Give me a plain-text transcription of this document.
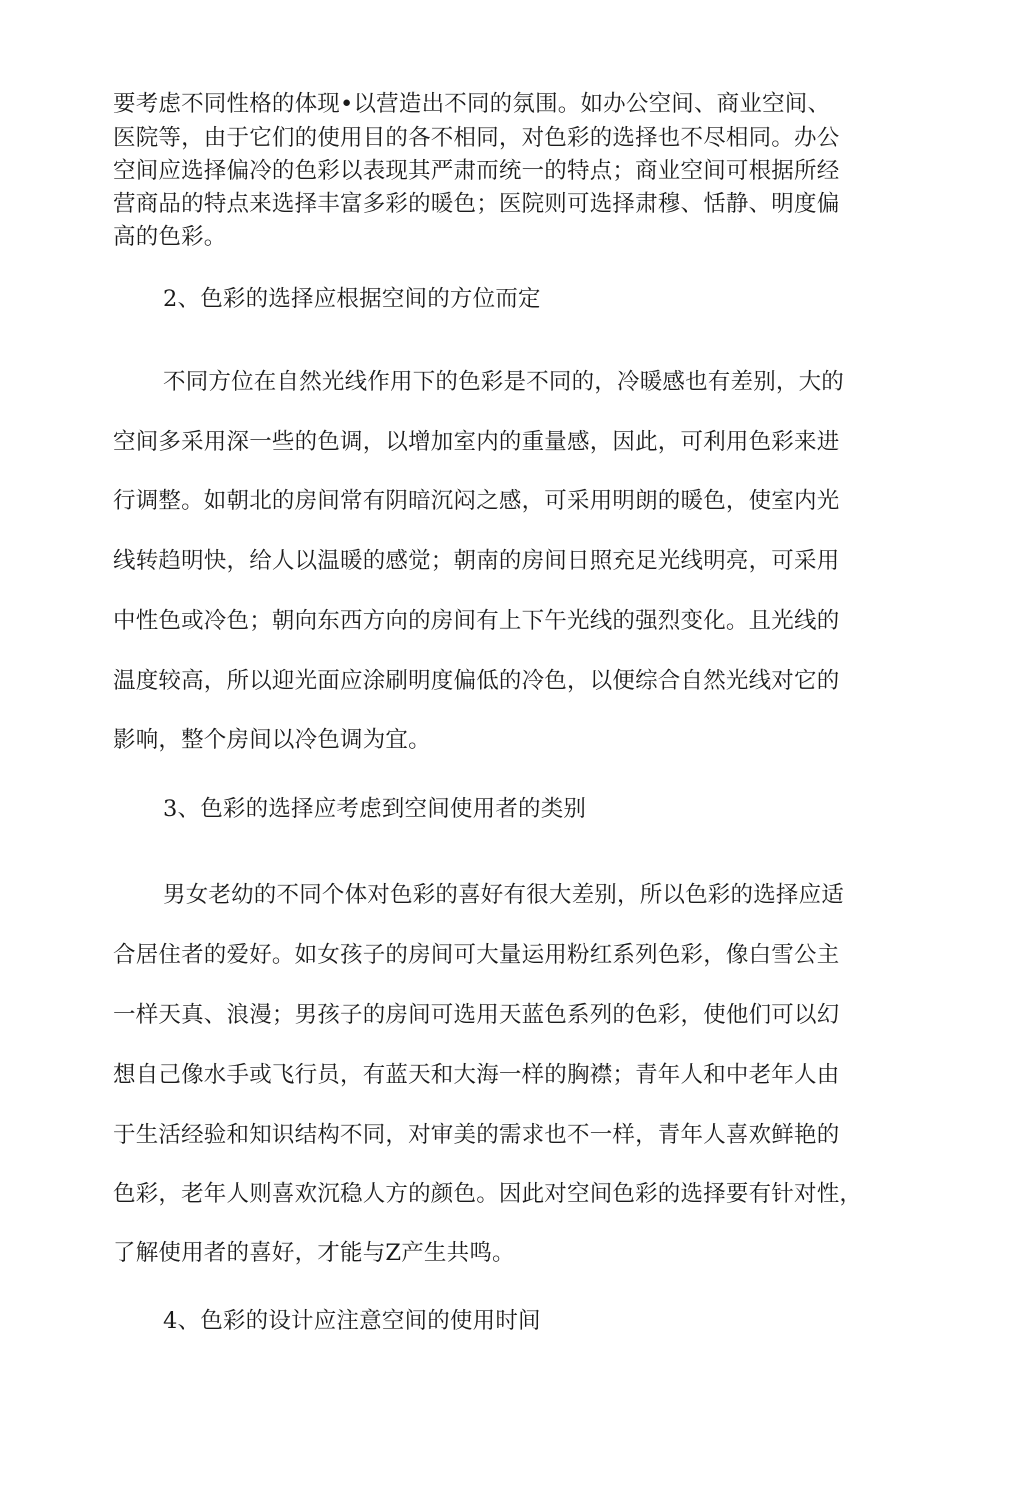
要考虑不同性格的体现•以营造出不同的氛围。如办公空间、商业空间、
医院等，由于它们的使用目的各不相同，对色彩的选择也不尽相同。办公
空间应选择偏冷的色彩以表现其严肃而统一的特点；商业空间可根据所经
营商品的特点来选择丰富多彩的暖色；医院则可选择肃穆、恬静、明度偏
高的色彩。
2、色彩的选择应根据空间的方位而定
不同方位在自然光线作用下的色彩是不同的，冷暖感也有差别，大的
空间多采用深一些的色调，以增加室内的重量感，因此，可利用色彩来进
行调整。如朝北的房间常有阴暗沉闷之感，可采用明朗的暖色，使室内光
线转趋明快，给人以温暖的感觉；朝南的房间日照充足光线明亮，可采用
中性色或冷色；朝向东西方向的房间有上下午光线的强烈变化。且光线的
温度较高，所以迎光面应涂刷明度偏低的冷色，以便综合自然光线对它的
影响，整个房间以冷色调为宜。
3、色彩的选择应考虑到空间使用者的类别
男女老幼的不同个体对色彩的喜好有很大差别，所以色彩的选择应适
合居住者的爱好。如女孩子的房间可大量运用粉红系列色彩，像白雪公主
一样天真、浪漫；男孩子的房间可选用天蓝色系列的色彩，使他们可以幻
想自己像水手或飞行员，有蓝天和大海一样的胸襟；青年人和中老年人由
于生活经验和知识结构不同，对审美的需求也不一样，青年人喜欢鲜艳的
色彩，老年人则喜欢沉稳人方的颜色。因此对空间色彩的选择要有针对性，
了解使用者的喜好，才能与Z产生共鸣。
4、色彩的设计应注意空间的使用时间
